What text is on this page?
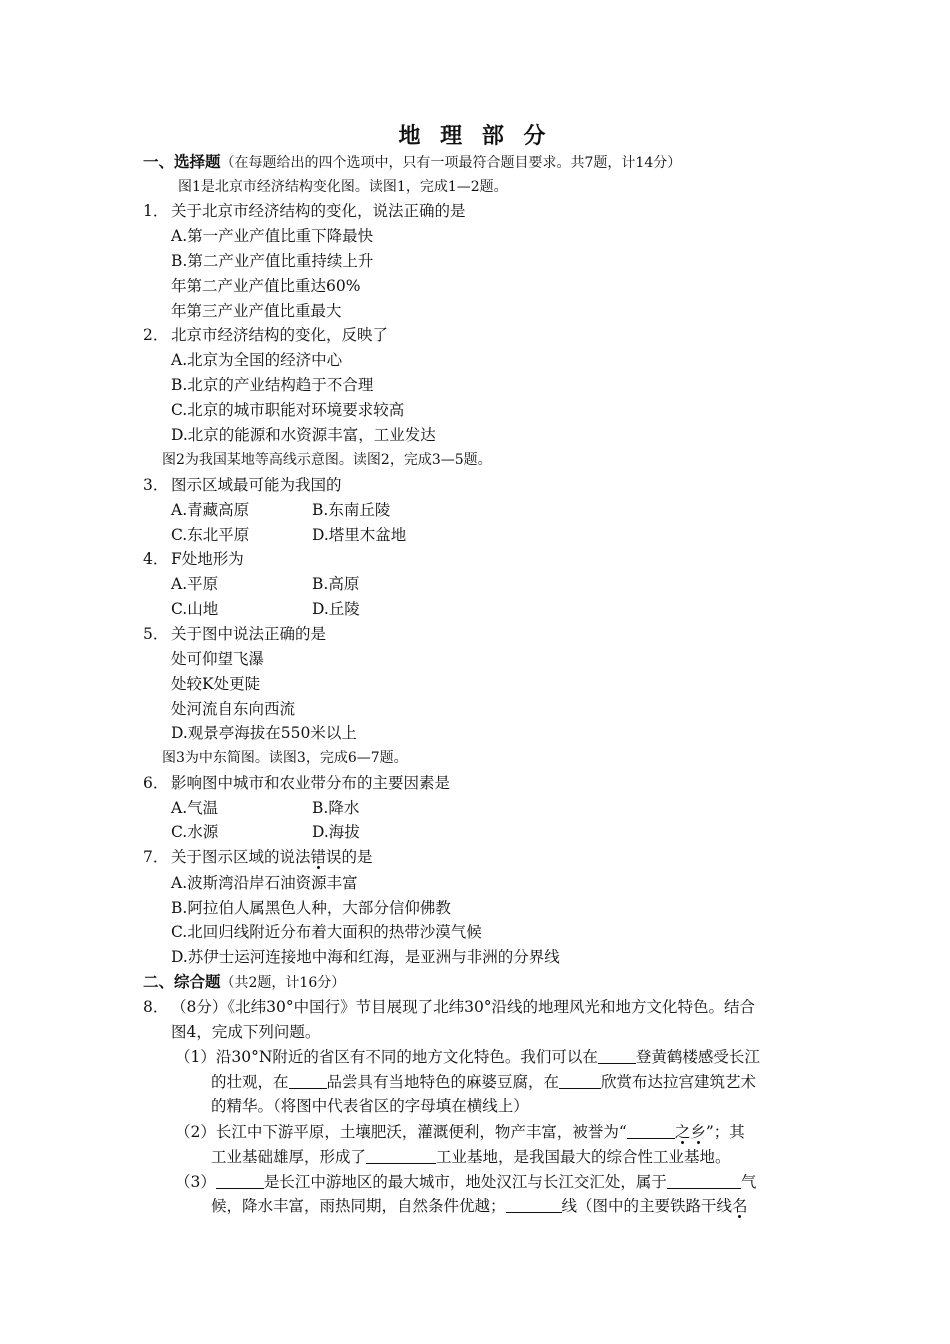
地 理 部 分
一、选择题（在每题给出的四个选项中，只有一项最符合题目要求。共7题，计14分）
图1是北京市经济结构变化图。读图1，完成1—2题。
1． 关于北京市经济结构的变化，说法正确的是
A.第一产业产值比重下降最快
B.第二产业产值比重持续上升
年第二产业产值比重达60%
年第三产业产值比重最大
2． 北京市经济结构的变化，反映了
A.北京为全国的经济中心
B.北京的产业结构趋于不合理
C.北京的城市职能对环境要求较高
D.北京的能源和水资源丰富，工业发达
图2为我国某地等高线示意图。读图2，完成3—5题。
3． 图示区域最可能为我国的
A.青藏高原	B.东南丘陵
C.东北平原	D.塔里木盆地
4． F处地形为
A.平原	B.高原
C.山地	D.丘陵
5． 关于图中说法正确的是
处可仰望飞瀑
处较K处更陡
处河流自东向西流
D.观景亭海拔在550米以上
图3为中东简图。读图3，完成6—7题。
6． 影响图中城市和农业带分布的主要因素是
A.气温	B.降水
C.水源	D.海拔
7． 关于图示区域的说法错误的是
A.波斯湾沿岸石油资源丰富
B.阿拉伯人属黑色人种，大部分信仰佛教
C.北回归线附近分布着大面积的热带沙漠气候
D.苏伊士运河连接地中海和红海，是亚洲与非洲的分界线
二、综合题（共2题，计16分）
8． （8分）《北纬30°中国行》节目展现了北纬30°沿线的地理风光和地方文化特色。结合
图4，完成下列问题。
（1）沿30°N附近的省区有不同的地方文化特色。我们可以在 登黄鹤楼感受长江
的壮观，在 品尝具有当地特色的麻婆豆腐，在	欣赏布达拉宫建筑艺术
的精华。（将图中代表省区的字母填在横线上）
（2）长江中下游平原，土壤肥沃，灌溉便利，物产丰富，被誉为“	之乡”；其
工业基础雄厚，形成了	工业基地，是我国最大的综合性工业基地。
（3）	是长江中游地区的最大城市，地处汉江与长江交汇处，属于	气
候，降水丰富，雨热同期，自然条件优越；	线（图中的主要铁路干线名
